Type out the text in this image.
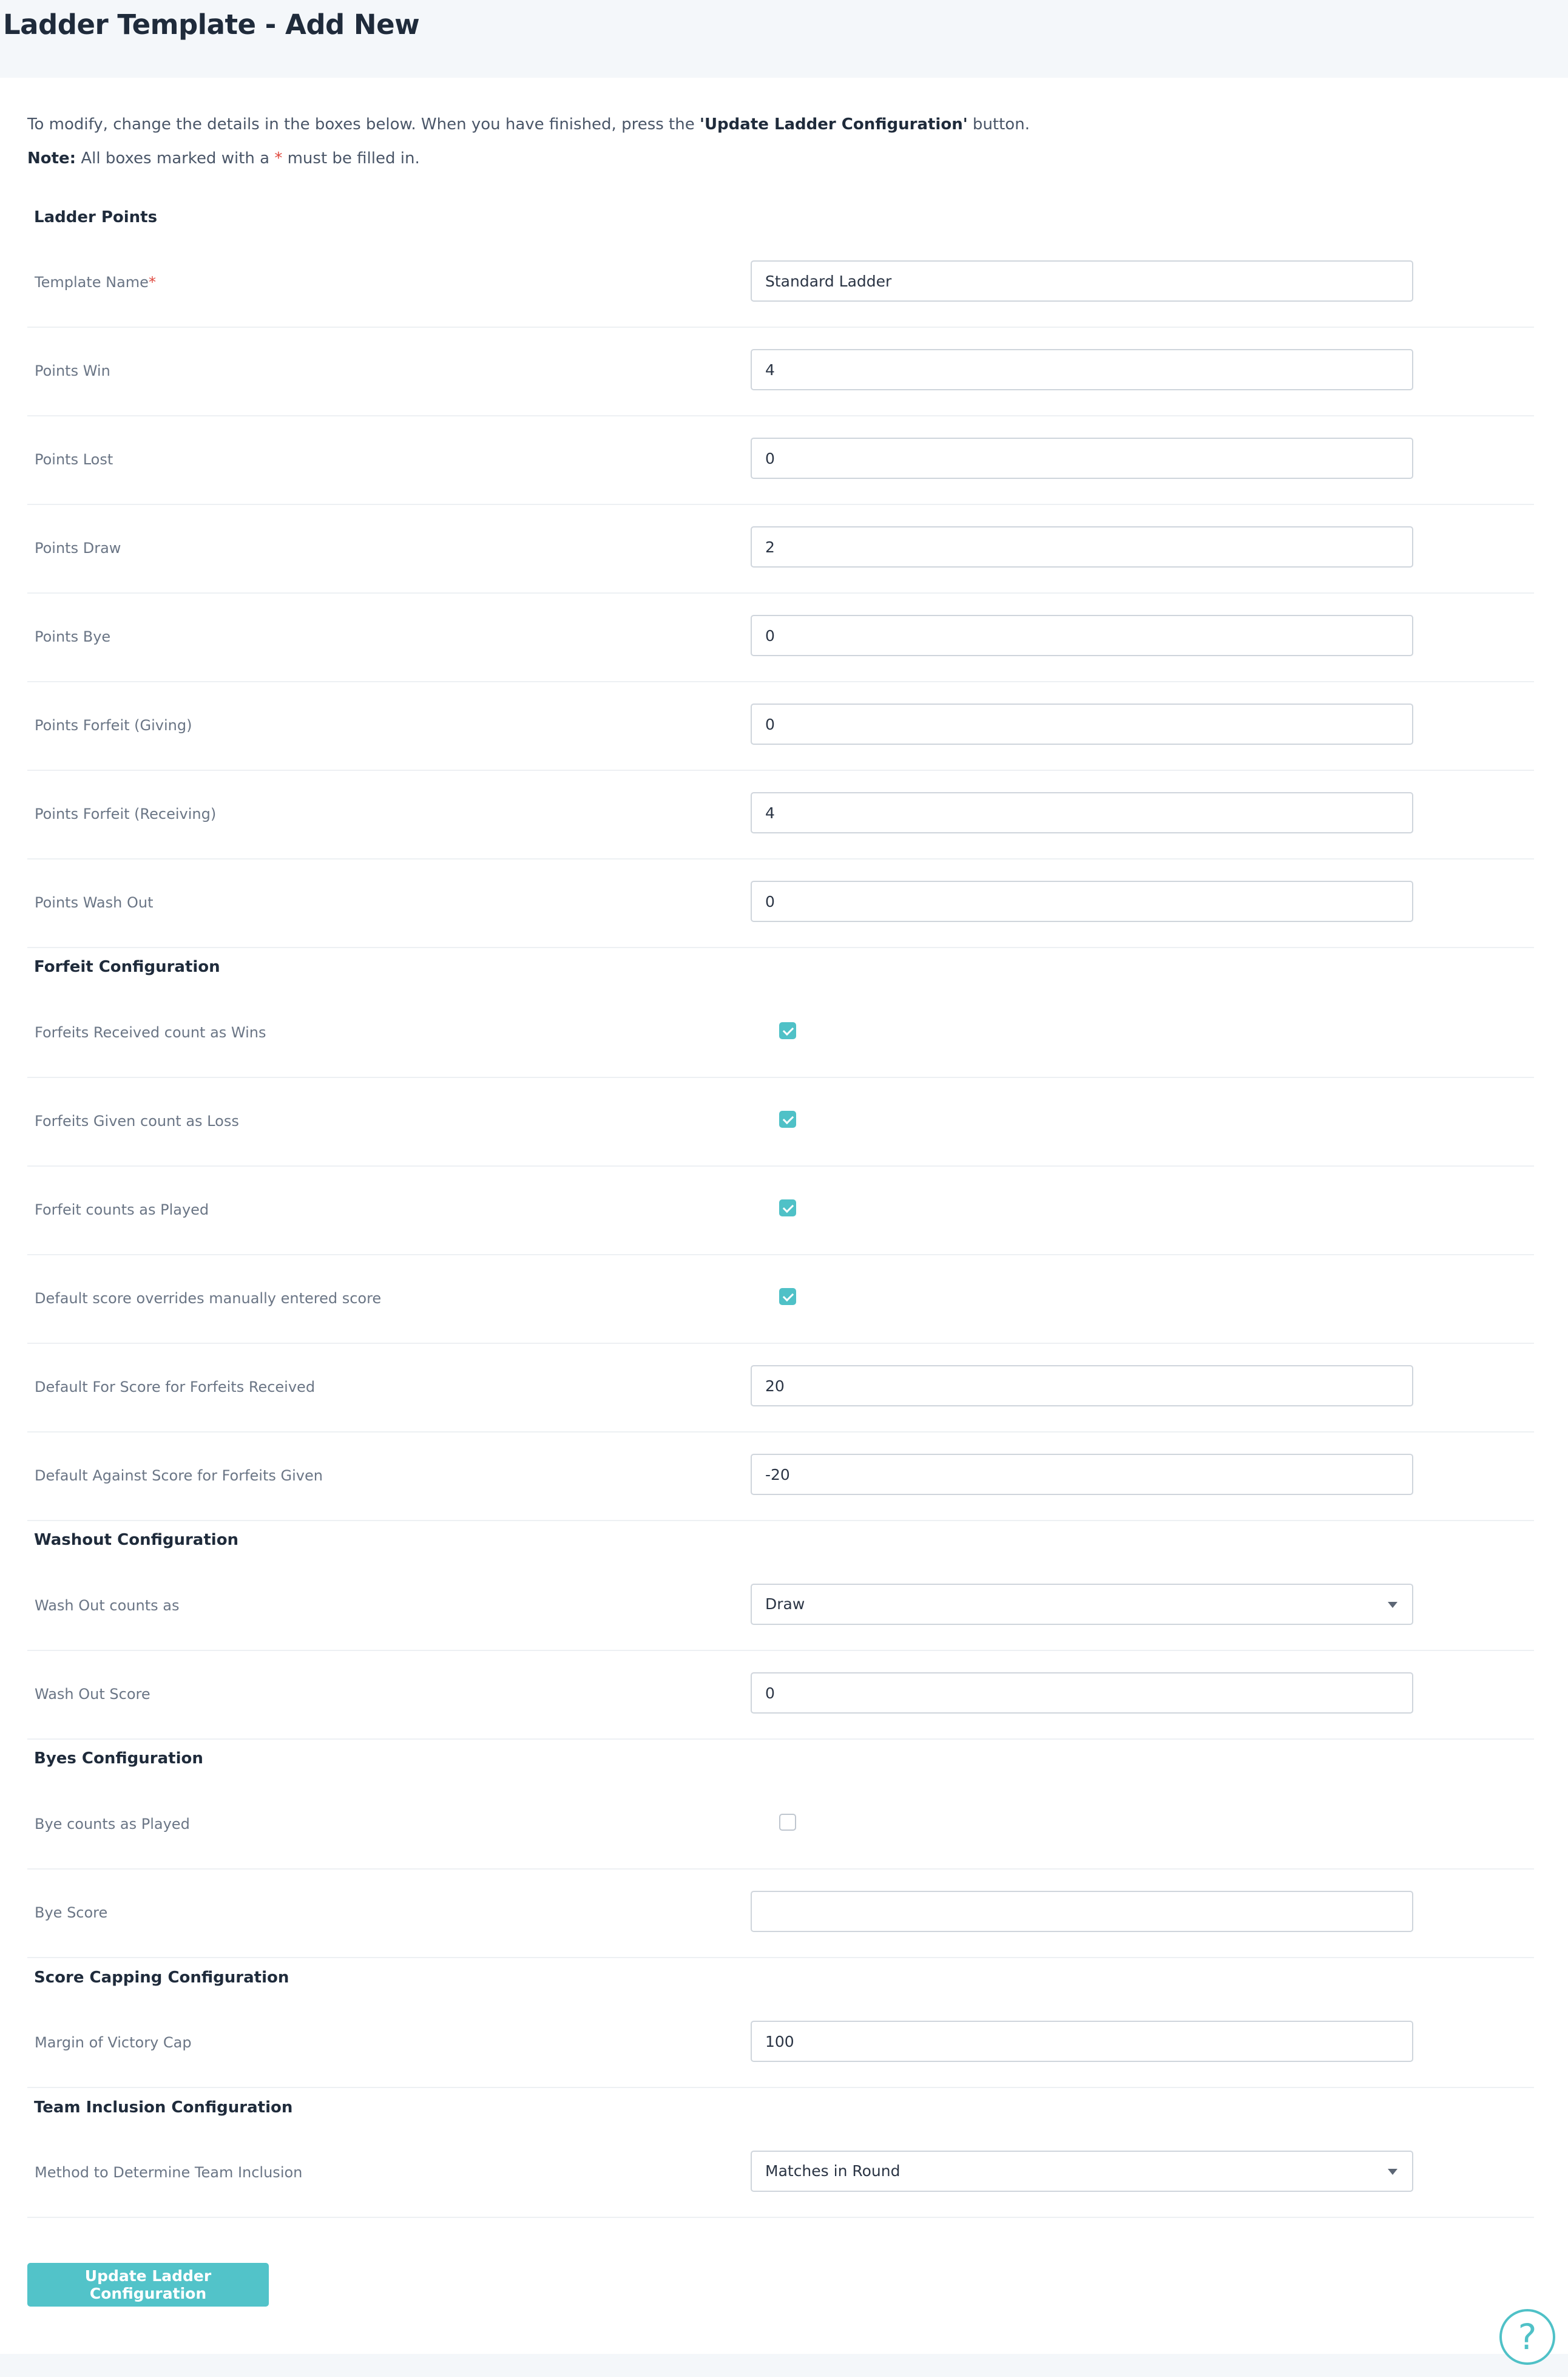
Ladder Template - Add New
To modify, change the details in the boxes below. When you have finished, press the 'Update Ladder Configuration' button.
Note: All boxes marked with a * must be filled in.
Ladder Points
Template Name*
Standard Ladder
Points Win
4
Points Lost
0
Points Draw
2
Points Bye
0
Points Forfeit (Giving)
0
Points Forfeit (Receiving)
4
Points Wash Out
0
Forfeit Configuration
Forfeits Received count as Wins
Forfeits Given count as Loss
Forfeit counts as Played
Default score overrides manually entered score
Default For Score for Forfeits Received
20
Default Against Score for Forfeits Given
-20
Washout Configuration
Wash Out counts as	Draw
Wash Out Score
0
Byes Configuration
Bye counts as Played
Bye Score
Score Capping Configuration
Margin of Victory Cap
100
Team Inclusion Configuration
Method to Determine Team Inclusion	Matches in Round
Update Ladder Configuration
?
